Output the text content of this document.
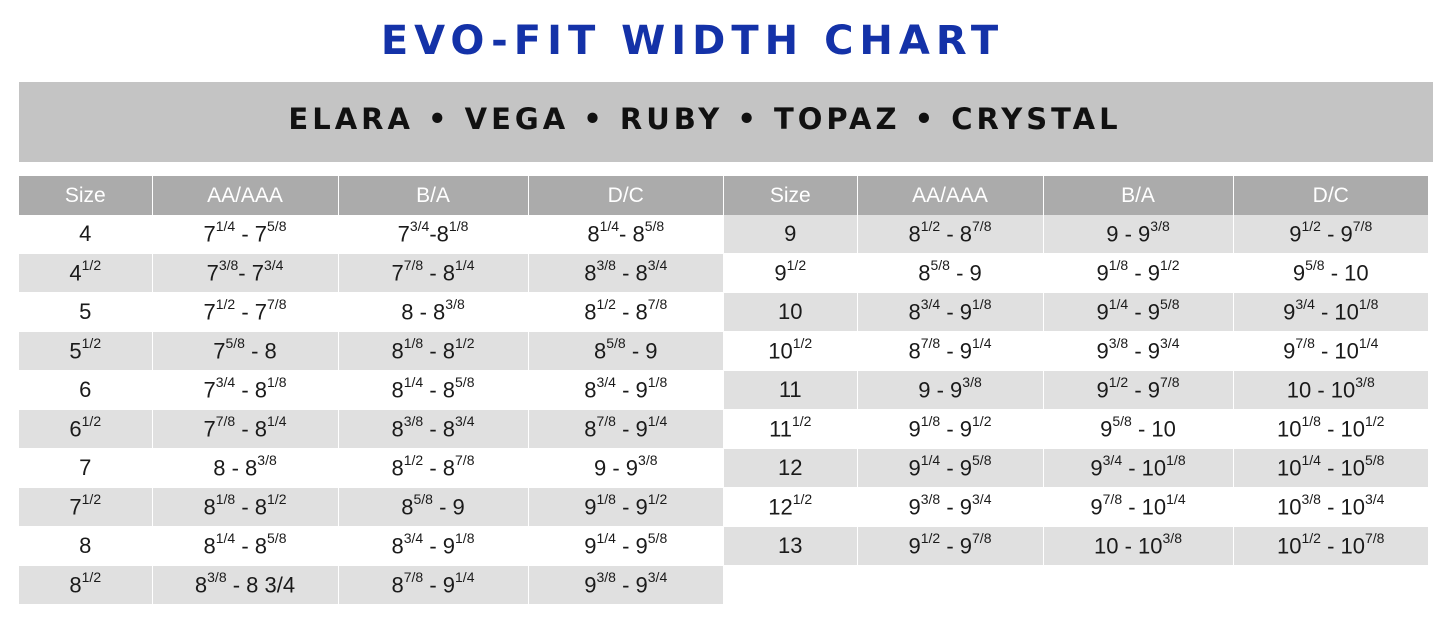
EVO-FIT WIDTH CHART
ELARA • VEGA • RUBY • TOPAZ • CRYSTAL
Size	AA/AAA	B/A	D/C
4	$7^{1/4} - 7^{5/8}$	$7^{3/4}-8^{1/8}$	$8^{1/4}-$ $8^{5/8}$
$4^{1/2}$	$7^{3/8}-$ $7^{3/4}$	$7^{7/8} - 8^{1/4}$	$8^{3/8} - 8^{3/4}$
5	$7^{1/2} - 7^{7/8}$	$8 - 8^{3/8}$	$8^{1/2} - 8^{7/8}$
$5^{1/2}$	$7^{5/8} - 8$	$8^{1/8} - 8^{1/2}$	$8^{5/8} - 9$
6	$7^{3/4} - 8^{1/8}$	$8^{1/4} - 8^{5/8}$	$8^{3/4} - 9^{1/8}$
$6^{1/2}$	$7^{7/8} - 8^{1/4}$	$8^{3/8} - 8^{3/4}$	$8^{7/8} - 9^{1/4}$
7	$8 - 8^{3/8}$	$8^{1/2} - 8^{7/8}$	$9 - 9^{3/8}$
$7^{1/2}$	$8^{1/8} - 8^{1/2}$	$8^{5/8} - 9$	$9^{1/8} - 9^{1/2}$
8	$8^{1/4} - 8^{5/8}$	$8^{3/4} - 9^{1/8}$	$9^{1/4} - 9^{5/8}$
$8^{1/2}$	$8^{3/8} - 8$ 3/4	$8^{7/8} - 9^{1/4}$	$9^{3/8} - 9^{3/4}$
Size	AA/AAA	B/A	D/C
9	$8^{1/2} - 8^{7/8}$	$9 - 9^{3/8}$	$9^{1/2} - 9^{7/8}$
$9^{1/2}$	$8^{5/8} - 9$	$9^{1/8} - 9^{1/2}$	$9^{5/8} - 10$
10	$8^{3/4} - 9^{1/8}$	$9^{1/4} - 9^{5/8}$	$9^{3/4} - 10^{1/8}$
$10^{1/2}$	$8^{7/8} - 9^{1/4}$	$9^{3/8} - 9^{3/4}$	$9^{7/8} - 10^{1/4}$
11	$9 - 9^{3/8}$	$9^{1/2} - 9^{7/8}$	$10 - 10^{3/8}$
$11^{1/2}$	$9^{1/8} - 9^{1/2}$	$9^{5/8} - 10$	$10^{1/8} - 10^{1/2}$
12	$9^{1/4} - 9^{5/8}$	$9^{3/4} - 10^{1/8}$	$10^{1/4} - 10^{5/8}$
$12^{1/2}$	$9^{3/8} - 9^{3/4}$	$9^{7/8} - 10^{1/4}$	$10^{3/8} - 10^{3/4}$
13	$9^{1/2} - 9^{7/8}$	$10 - 10^{3/8}$	$10^{1/2} - 10^{7/8}$
